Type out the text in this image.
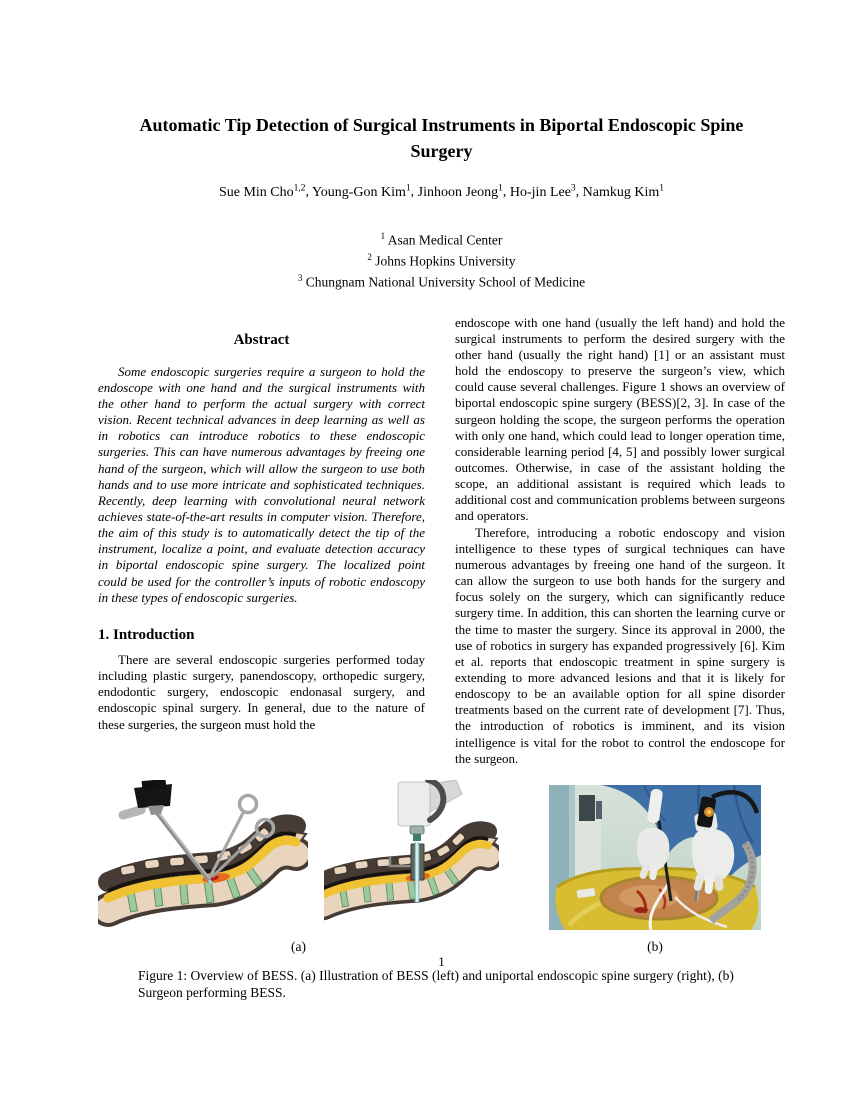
Automatic Tip Detection of Surgical Instruments in Biportal Endoscopic Spine Surgery
Sue Min Cho$^{1,2}$, Young-Gon Kim$^1$, Jinhoon Jeong$^1$, Ho-jin Lee$^3$, Namkug Kim$^1$
$^1$ Asan Medical Center
$^2$ Johns Hopkins University
$^3$ Chungnam National University School of Medicine
Abstract

Some endoscopic surgeries require a surgeon to hold the endoscope with one hand and the surgical instruments with the other hand to perform the actual surgery with correct vision. Recent technical advances in deep learning as well as in robotics can introduce robotics to these endoscopic surgeries. This can have numerous advantages by freeing one hand of the surgeon, which will allow the surgeon to use both hands and to use more intricate and sophisticated techniques. Recently, deep learning with convolutional neural network achieves state-of-the-art results in computer vision. Therefore, the aim of this study is to automatically detect the tip of the instrument, localize a point, and evaluate detection accuracy in biportal endoscopic spine surgery. The localized point could be used for the controller’s inputs of robotic endoscopy in these types of endoscopic surgeries.

1. Introduction

There are several endoscopic surgeries performed today including plastic surgery, panendoscopy, orthopedic surgery, endodontic surgery, endoscopic endonasal surgery, and endoscopic spinal surgery. In general, due to the nature of these surgeries, the surgeon must hold the

endoscope with one hand (usually the left hand) and hold the surgical instruments to perform the desired surgery with the other hand (usually the right hand) [1] or an assistant must hold the endoscopy to preserve the surgeon’s view, which could cause several challenges. Figure 1 shows an overview of biportal endoscopic spine surgery (BESS)[2, 3]. In case of the surgeon holding the scope, the surgeon performs the operation with only one hand, which could lead to longer operation time, considerable learning period [4, 5] and possibly lower surgical outcomes. Otherwise, in case of the assistant holding the scope, an additional assistant is required which leads to additional cost and communication problems between surgeons and operators.

Therefore, introducing a robotic endoscopy and vision intelligence to these types of surgical techniques can have numerous advantages by freeing one hand of the surgeon. It can allow the surgeon to use both hands for the surgery and focus solely on the surgery, which can significantly reduce surgery time. In addition, this can shorten the learning curve or the time to master the surgery. Since its approval in 2000, the use of robotics in surgery has expanded progressively [6]. Kim et al. reports that endoscopic treatment in spine surgery is extending to more advanced lesions and that it is likely for endoscopy to be an available option for all spine disorder treatments based on the current rate of development [7]. Thus, the introduction of robotics is imminent, and its vision intelligence is vital for the robot to control the endoscope for the surgeon.

(a)	(b)

Figure 1: Overview of BESS. (a) Illustration of BESS (left) and uniportal endoscopic spine surgery (right), (b) Surgeon performing BESS.

1
